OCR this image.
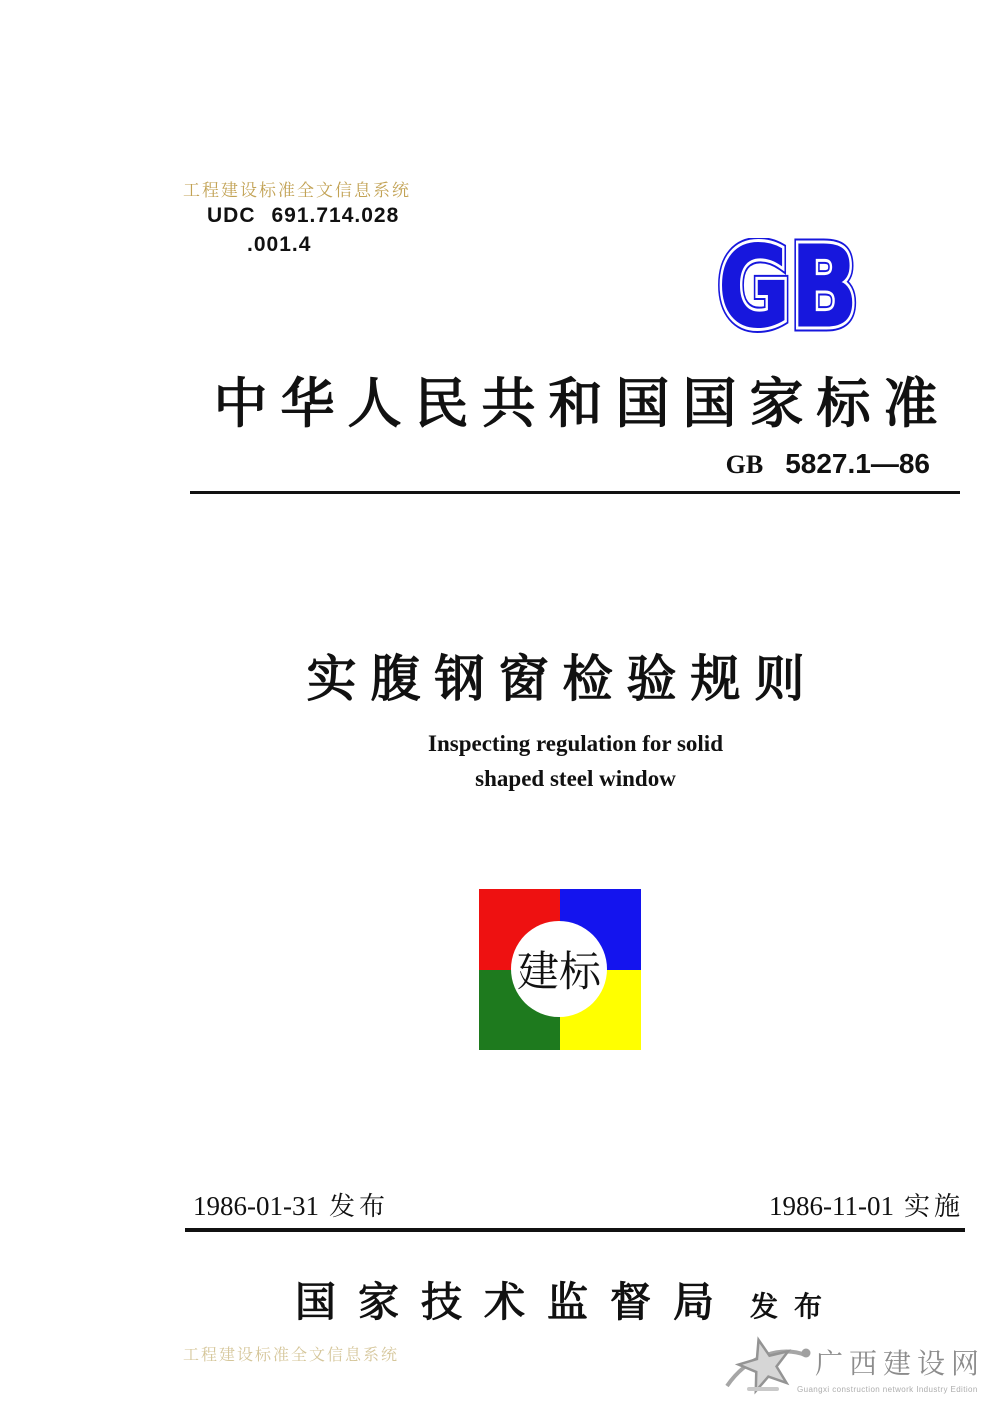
工程建设标准全文信息系统
UDC 691.714.028
.001.4	GB
GB
GB
中华人民共和国国家标准
GB 5827.1—86
实腹钢窗检验规则
Inspecting regulation for solid
shaped steel window
建标
1986-01-31 发布	1986-11-01 实施
国家技术监督局 发布
工程建设标准全文信息系统	广西建设网
Guangxi construction network Industry Edition
